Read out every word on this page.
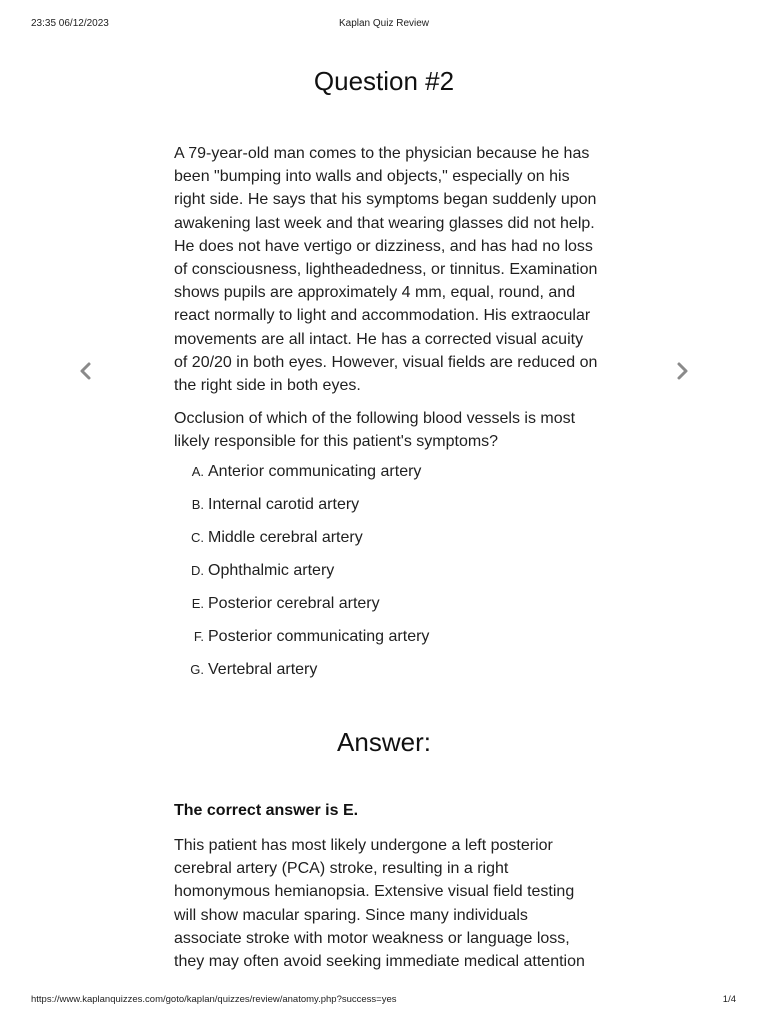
23:35 06/12/2023	Kaplan Quiz Review
Question #2

A 79-year-old man comes to the physician because he has been "bumping into walls and objects," especially on his right side. He says that his symptoms began suddenly upon awakening last week and that wearing glasses did not help. He does not have vertigo or dizziness, and has had no loss of consciousness, lightheadedness, or tinnitus. Examination shows pupils are approximately 4 mm, equal, round, and react normally to light and accommodation. His extraocular movements are all intact. He has a corrected visual acuity of 20/20 in both eyes. However, visual fields are reduced on the right side in both eyes.

Occlusion of which of the following blood vessels is most likely responsible for this patient's symptoms?

A. Anterior communicating artery
B. Internal carotid artery
C. Middle cerebral artery
D. Ophthalmic artery
E. Posterior cerebral artery
F. Posterior communicating artery
G. Vertebral artery
Answer:
The correct answer is E.

This patient has most likely undergone a left posterior cerebral artery (PCA) stroke, resulting in a right homonymous hemianopsia. Extensive visual field testing will show macular sparing. Since many individuals associate stroke with motor weakness or language loss, they may often avoid seeking immediate medical attention

https://www.kaplanquizzes.com/goto/kaplan/quizzes/review/anatomy.php?success=yes	1/4
